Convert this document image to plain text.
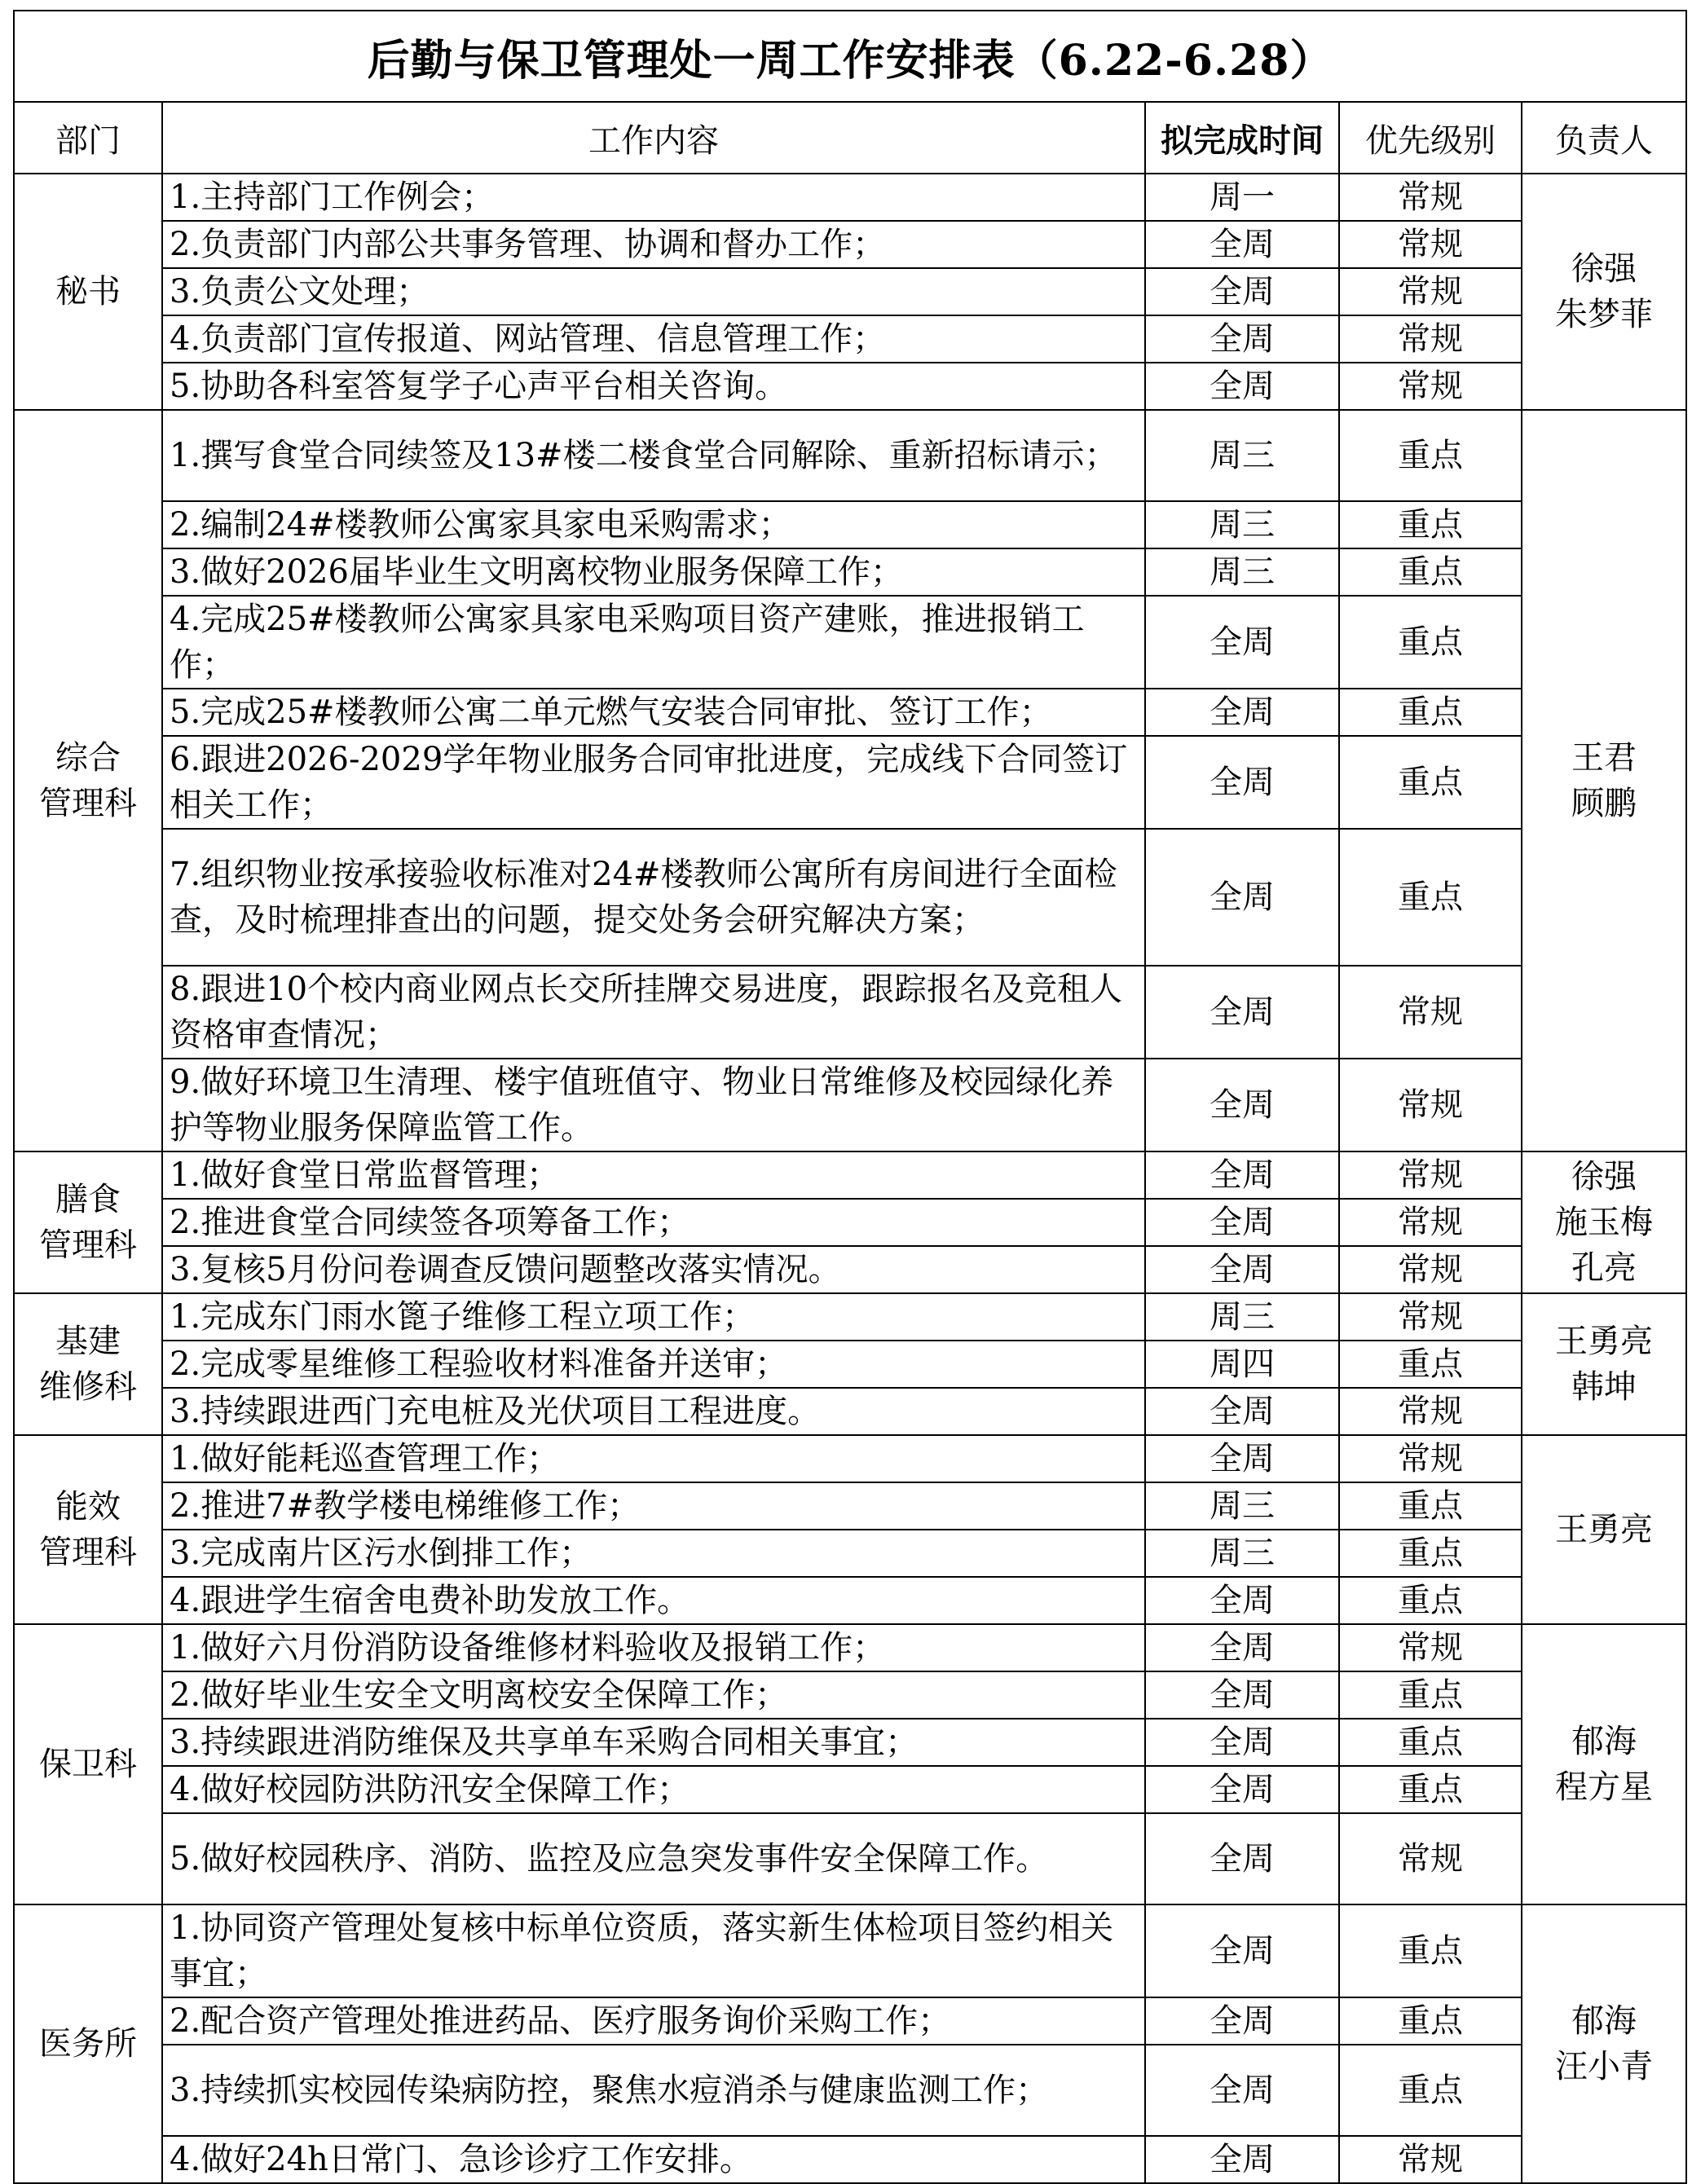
后勤与保卫管理处一周工作安排表（6.22-6.28）				
部门	工作内容	拟完成时间	优先级别	负责人

秘书	1.主持部门工作例会；	周一	常规	徐强
朱梦菲

	2.负责部门内部公共事务管理、协调和督办工作；	全周	常规	
	3.负责公文处理；	全周	常规	
	4.负责部门宣传报道、网站管理、信息管理工作；	全周	常规	
	5.协助各科室答复学子心声平台相关咨询。	全周	常规	

综合
管理科	1.撰写食堂合同续签及13#楼二楼食堂合同解除、重新招标请示；	周三	重点	王君
顾鹏

	2.编制24#楼教师公寓家具家电采购需求；	周三	重点	
	3.做好2026届毕业生文明离校物业服务保障工作；	周三	重点	
	4.完成25#楼教师公寓家具家电采购项目资产建账，推进报销工作；	全周	重点	
	5.完成25#楼教师公寓二单元燃气安装合同审批、签订工作；	全周	重点	
	6.跟进2026-2029学年物业服务合同审批进度，完成线下合同签订相关工作；	全周	重点	
	7.组织物业按承接验收标准对24#楼教师公寓所有房间进行全面检查，及时梳理排查出的问题，提交处务会研究解决方案；	全周	重点	
	8.跟进10个校内商业网点长交所挂牌交易进度，跟踪报名及竞租人资格审查情况；	全周	常规	
	9.做好环境卫生清理、楼宇值班值守、物业日常维修及校园绿化养护等物业服务保障监管工作。	全周	常规	

膳食
管理科	1.做好食堂日常监督管理；	全周	常规	徐强
施玉梅
孔亮

	2.推进食堂合同续签各项筹备工作；	全周	常规	
	3.复核5月份问卷调查反馈问题整改落实情况。	全周	常规	

基建
维修科	1.完成东门雨水篦子维修工程立项工作；	周三	常规	王勇亮
韩坤

	2.完成零星维修工程验收材料准备并送审；	周四	重点	
	3.持续跟进西门充电桩及光伏项目工程进度。	全周	常规	

能效
管理科	1.做好能耗巡查管理工作；	全周	常规	王勇亮

	2.推进7#教学楼电梯维修工作；	周三	重点	
	3.完成南片区污水倒排工作；	周三	重点	
	4.跟进学生宿舍电费补助发放工作。	全周	重点	

保卫科	1.做好六月份消防设备维修材料验收及报销工作；	全周	常规	郁海
程方星

	2.做好毕业生安全文明离校安全保障工作；	全周	重点	
	3.持续跟进消防维保及共享单车采购合同相关事宜；	全周	重点	
	4.做好校园防洪防汛安全保障工作；	全周	重点	
	5.做好校园秩序、消防、监控及应急突发事件安全保障工作。	全周	常规	

医务所	1.协同资产管理处复核中标单位资质，落实新生体检项目签约相关事宜；	全周	重点	郁海
汪小青

	2.配合资产管理处推进药品、医疗服务询价采购工作；	全周	重点	
	3.持续抓实校园传染病防控，聚焦水痘消杀与健康监测工作；	全周	重点	
	4.做好24h日常门、急诊诊疗工作安排。	全周	常规	
